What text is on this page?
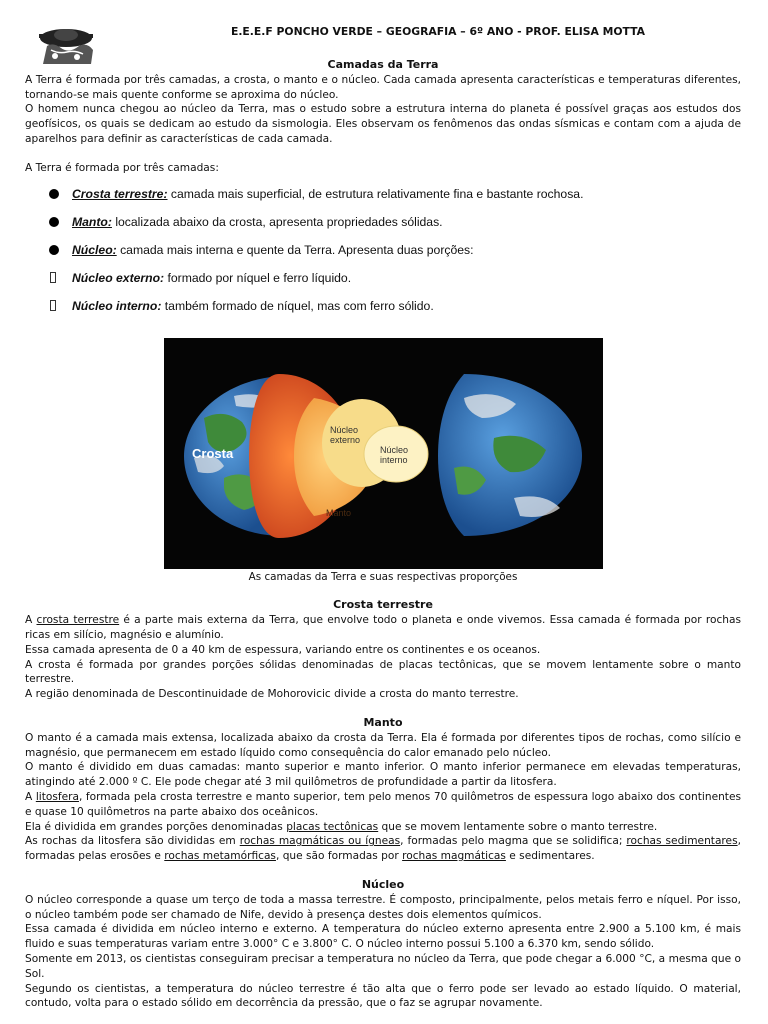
E.E.E.F PONCHO VERDE – GEOGRAFIA – 6º ANO - PROF. ELISA MOTTA
Camadas da Terra

A Terra é formada por três camadas, a crosta, o manto e o núcleo. Cada camada apresenta características e temperaturas diferentes, tornando-se mais quente conforme se aproxima do núcleo.

O homem nunca chegou ao núcleo da Terra, mas o estudo sobre a estrutura interna do planeta é possível graças aos estudos dos geofísicos, os quais se dedicam ao estudo da sismologia. Eles observam os fenômenos das ondas sísmicas e contam com a ajuda de aparelhos para definir as características de cada camada.

A Terra é formada por três camadas:

Crosta terrestre: camada mais superficial, de estrutura relativamente fina e bastante rochosa.
Manto: localizada abaixo da crosta, apresenta propriedades sólidas.
Núcleo: camada mais interna e quente da Terra. Apresenta duas porções:
Núcleo externo: formado por níquel e ferro líquido.
Núcleo interno: também formado de níquel, mas com ferro sólido.
Crosta
Núcleo
externo
Núcleo
interno
Manto
As camadas da Terra e suas respectivas proporções
Crosta terrestre

A crosta terrestre é a parte mais externa da Terra, que envolve todo o planeta e onde vivemos. Essa camada é formada por rochas ricas em silício, magnésio e alumínio.

Essa camada apresenta de 0 a 40 km de espessura, variando entre os continentes e os oceanos.

A crosta é formada por grandes porções sólidas denominadas de placas tectônicas, que se movem lentamente sobre o manto terrestre.

A região denominada de Descontinuidade de Mohorovicic divide a crosta do manto terrestre.

Manto

O manto é a camada mais extensa, localizada abaixo da crosta da Terra. Ela é formada por diferentes tipos de rochas, como silício e magnésio, que permanecem em estado líquido como consequência do calor emanado pelo núcleo.

O manto é dividido em duas camadas: manto superior e manto inferior. O manto inferior permanece em elevadas temperaturas, atingindo até 2.000 º C. Ele pode chegar até 3 mil quilômetros de profundidade a partir da litosfera.

A litosfera, formada pela crosta terrestre e manto superior, tem pelo menos 70 quilômetros de espessura logo abaixo dos continentes e quase 10 quilômetros na parte abaixo dos oceânicos.

Ela é dividida em grandes porções denominadas placas tectônicas que se movem lentamente sobre o manto terrestre.

As rochas da litosfera são divididas em rochas magmáticas ou ígneas, formadas pelo magma que se solidifica; rochas sedimentares, formadas pelas erosões e rochas metamórficas, que são formadas por rochas magmáticas e sedimentares.

Núcleo

O núcleo corresponde a quase um terço de toda a massa terrestre. É composto, principalmente, pelos metais ferro e níquel. Por isso, o núcleo também pode ser chamado de Nife, devido à presença destes dois elementos químicos.

Essa camada é dividida em núcleo interno e externo. A temperatura do núcleo externo apresenta entre 2.900 a 5.100 km, é mais fluido e suas temperaturas variam entre 3.000° C e 3.800° C. O núcleo interno possui 5.100 a 6.370 km, sendo sólido.

Somente em 2013, os cientistas conseguiram precisar a temperatura no núcleo da Terra, que pode chegar a 6.000 °C, a mesma que o Sol.

Segundo os cientistas, a temperatura do núcleo terrestre é tão alta que o ferro pode ser levado ao estado líquido. O material, contudo, volta para o estado sólido em decorrência da pressão, que o faz se agrupar novamente.
